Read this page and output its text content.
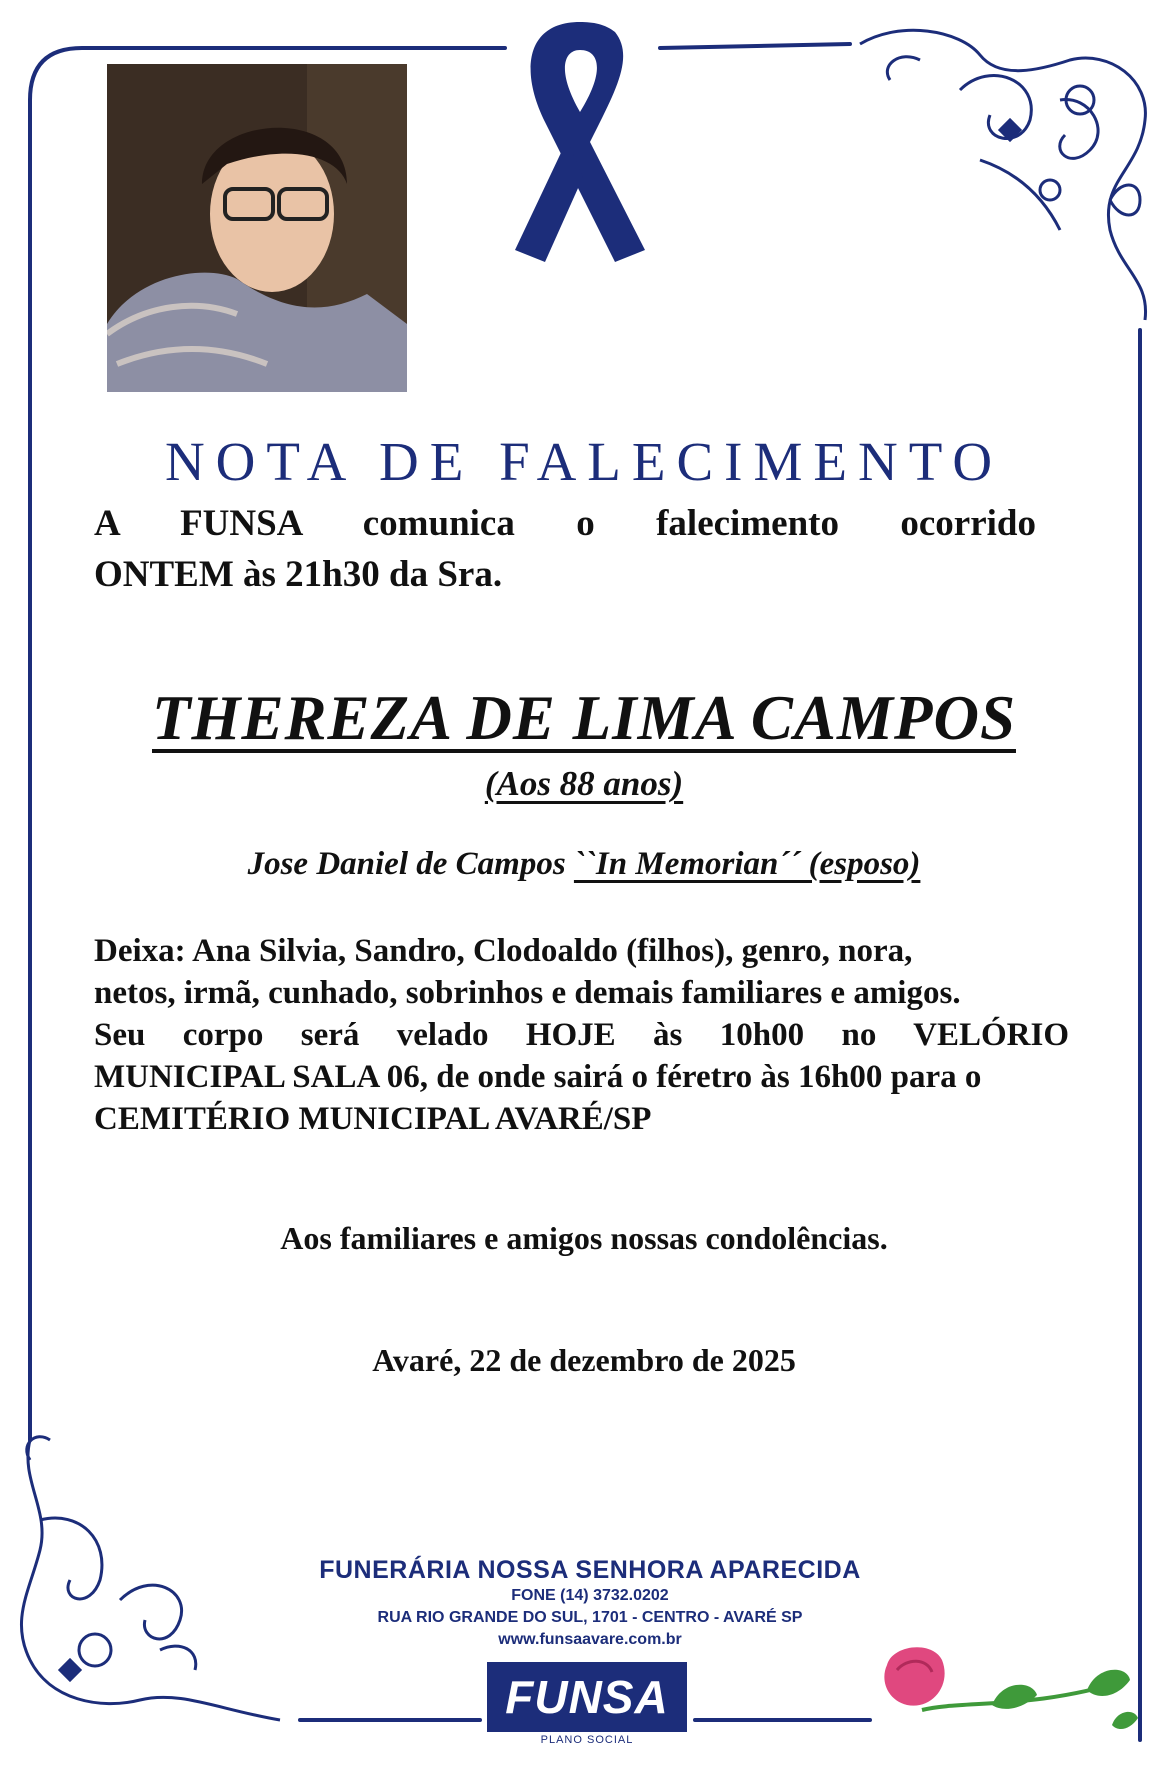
NOTA DE FALECIMENTO
A FUNSA comunica o falecimento ocorrido
ONTEM às 21h30 da Sra.
THEREZA DE LIMA CAMPOS
(Aos 88 anos)
Jose Daniel de Campos ``In Memorian´´ (esposo)
Deixa: Ana Silvia, Sandro, Clodoaldo (filhos), genro, nora,
netos, irmã, cunhado, sobrinhos e demais familiares e amigos.
Seu corpo será velado HOJE às 10h00 no VELÓRIO
MUNICIPAL SALA 06, de onde sairá o féretro às 16h00 para o
CEMITÉRIO MUNICIPAL AVARÉ/SP
Aos familiares e amigos nossas condolências.
Avaré, 22 de dezembro de 2025
FUNERÁRIA NOSSA SENHORA APARECIDA
FONE (14) 3732.0202
RUA RIO GRANDE DO SUL, 1701 - CENTRO - AVARÉ SP
www.funsaavare.com.br
FUNSA
PLANO SOCIAL
